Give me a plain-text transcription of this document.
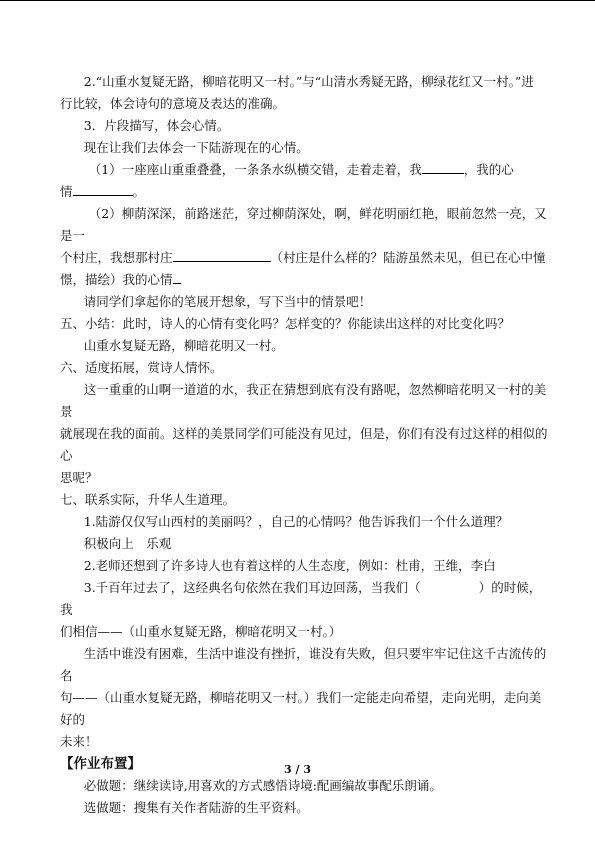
2.“山重水复疑无路，柳暗花明又一村。”与“山清水秀疑无路，柳绿花红又一村。”进

行比较，体会诗句的意境及表达的准确。

3．片段描写，体会心情。

现在让我们去体会一下陆游现在的心情。

（1）一座座山重重叠叠，一条条水纵横交错，走着走着，我	，我的心

情	。

（2）柳荫深深，前路迷茫，穿过柳荫深处，啊，鲜花明丽红艳，眼前忽然一亮，又是一

个村庄，我想那村庄	（村庄是什么样的？陆游虽然未见，但已在心中憧

憬，描绘）我的心情

请同学们拿起你的笔展开想象，写下当中的情景吧！

五、小结：此时，诗人的心情有变化吗？怎样变的？你能读出这样的对比变化吗？

山重水复疑无路，柳暗花明又一村。

六、适度拓展，赏诗人情怀。

这一重重的山啊一道道的水，我正在猜想到底有没有路呢，忽然柳暗花明又一村的美景

就展现在我的面前。这样的美景同学们可能没有见过，但是，你们有没有过这样的相似的心

思呢？

七、联系实际，升华人生道理。

1.陆游仅仅写山西村的美丽吗？，自己的心情吗？他告诉我们一个什么道理？

积极向上　乐观

2.老师还想到了许多诗人也有着这样的人生态度，例如：杜甫，王维，李白

3.千百年过去了，这经典名句依然在我们耳边回荡，当我们（	）的时候，我

们相信——（山重水复疑无路，柳暗花明又一村。）

生活中谁没有困难，生活中谁没有挫折，谁没有失败，但只要牢牢记住这千古流传的名

句——（山重水复疑无路，柳暗花明又一村。）我们一定能走向希望，走向光明，走向美好的

未来！

【作业布置】

必做题：继续读诗,用喜欢的方式感悟诗境:配画编故事配乐朗诵。

选做题：搜集有关作者陆游的生平资料。

3 / 3
